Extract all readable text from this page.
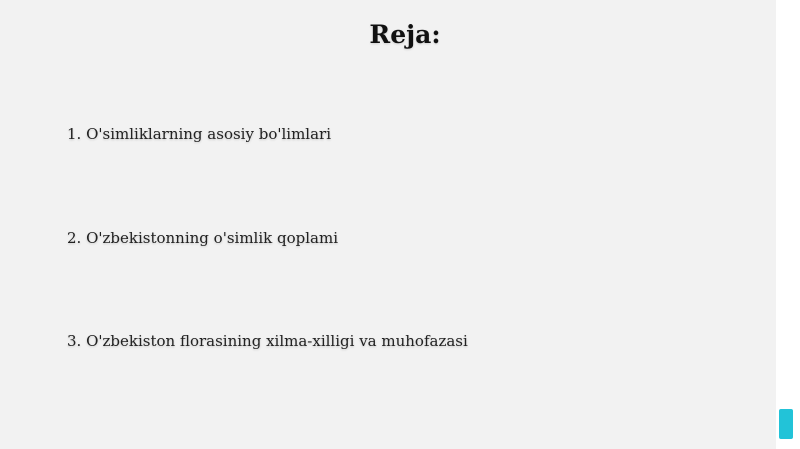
Reja:
1. O'simliklarning asosiy bo'limlari
2. O'zbekistonning o'simlik qoplami
3. O'zbekiston florasining xilma-xilligi va muhofazasi
